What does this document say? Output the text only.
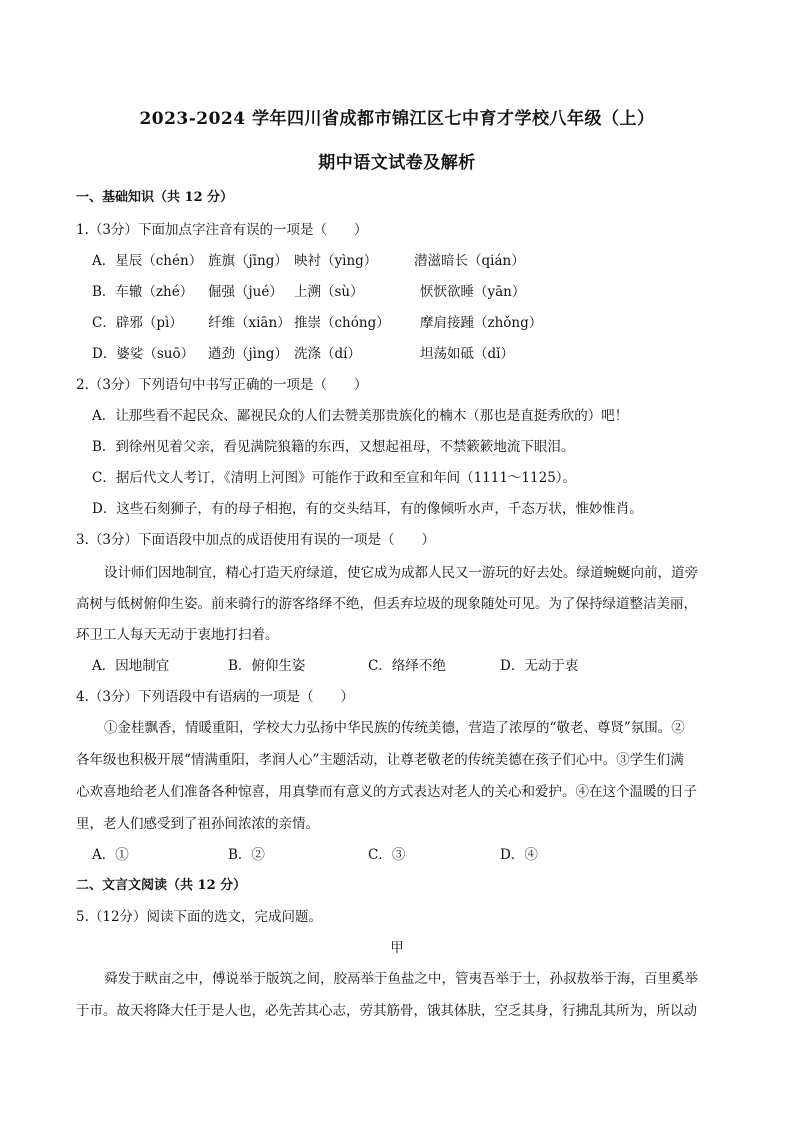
2023-2024 学年四川省成都市锦江区七中育才学校八年级（上）
期中语文试卷及解析
一、基础知识（共 12 分）
1.（3分）下面加点字注音有误的一项是（　　）
A．星辰（chén） 旌旗（jīng） 映衬（yìng）	潜滋暗长（qián）
B．车辙（zhé） 倔强（jué） 上溯（sù）	恹恹欲睡（yān）
C．辟邪（pì） 纤维（xiān） 推崇（chóng） 摩肩接踵（zhǒng）
D．婆娑（suō） 遒劲（jìng） 洗涤（dí）	坦荡如砥（dǐ）
2.（3分）下列语句中书写正确的一项是（　　）
A．让那些看不起民众、鄙视民众的人们去赞美那贵族化的楠木（那也是直挺秀欣的）吧！
B．到徐州见着父亲，看见满院狼籍的东西，又想起祖母，不禁簌簌地流下眼泪。
C．据后代文人考订，《清明上河图》可能作于政和至宣和年间（1111～1125）。
D．这些石刻狮子，有的母子相抱，有的交头结耳，有的像倾听水声，千态万状，惟妙惟肖。
3.（3分）下面语段中加点的成语使用有误的一项是（　　）
设计师们因地制宜，精心打造天府绿道，使它成为成都人民又一游玩的好去处。绿道蜿蜒向前，道旁
高树与低树俯仰生姿。前来骑行的游客络绎不绝，但丢弃垃圾的现象随处可见。为了保持绿道整洁美丽，
环卫工人每天无动于衷地打扫着。
A．因地制宜	B．俯仰生姿	C．络绎不绝	D．无动于衷
4.（3分）下列语段中有语病的一项是（　　）
①金桂飘香，情暖重阳，学校大力弘扬中华民族的传统美德，营造了浓厚的“敬老、尊贤”氛围。②
各年级也积极开展“情满重阳，孝润人心”主题活动，让尊老敬老的传统美德在孩子们心中。③学生们满
心欢喜地给老人们准备各种惊喜，用真挚而有意义的方式表达对老人的关心和爱护。④在这个温暖的日子
里，老人们感受到了祖孙间浓浓的亲情。
A．①	B．②	C．③	D．④
二、文言文阅读（共 12 分）
5.（12分）阅读下面的选文，完成问题。
甲
舜发于畎亩之中，傅说举于版筑之间，胶鬲举于鱼盐之中，管夷吾举于士，孙叔敖举于海，百里奚举
于市。故天将降大任于是人也，必先苦其心志，劳其筋骨，饿其体肤，空乏其身，行拂乱其所为，所以动
